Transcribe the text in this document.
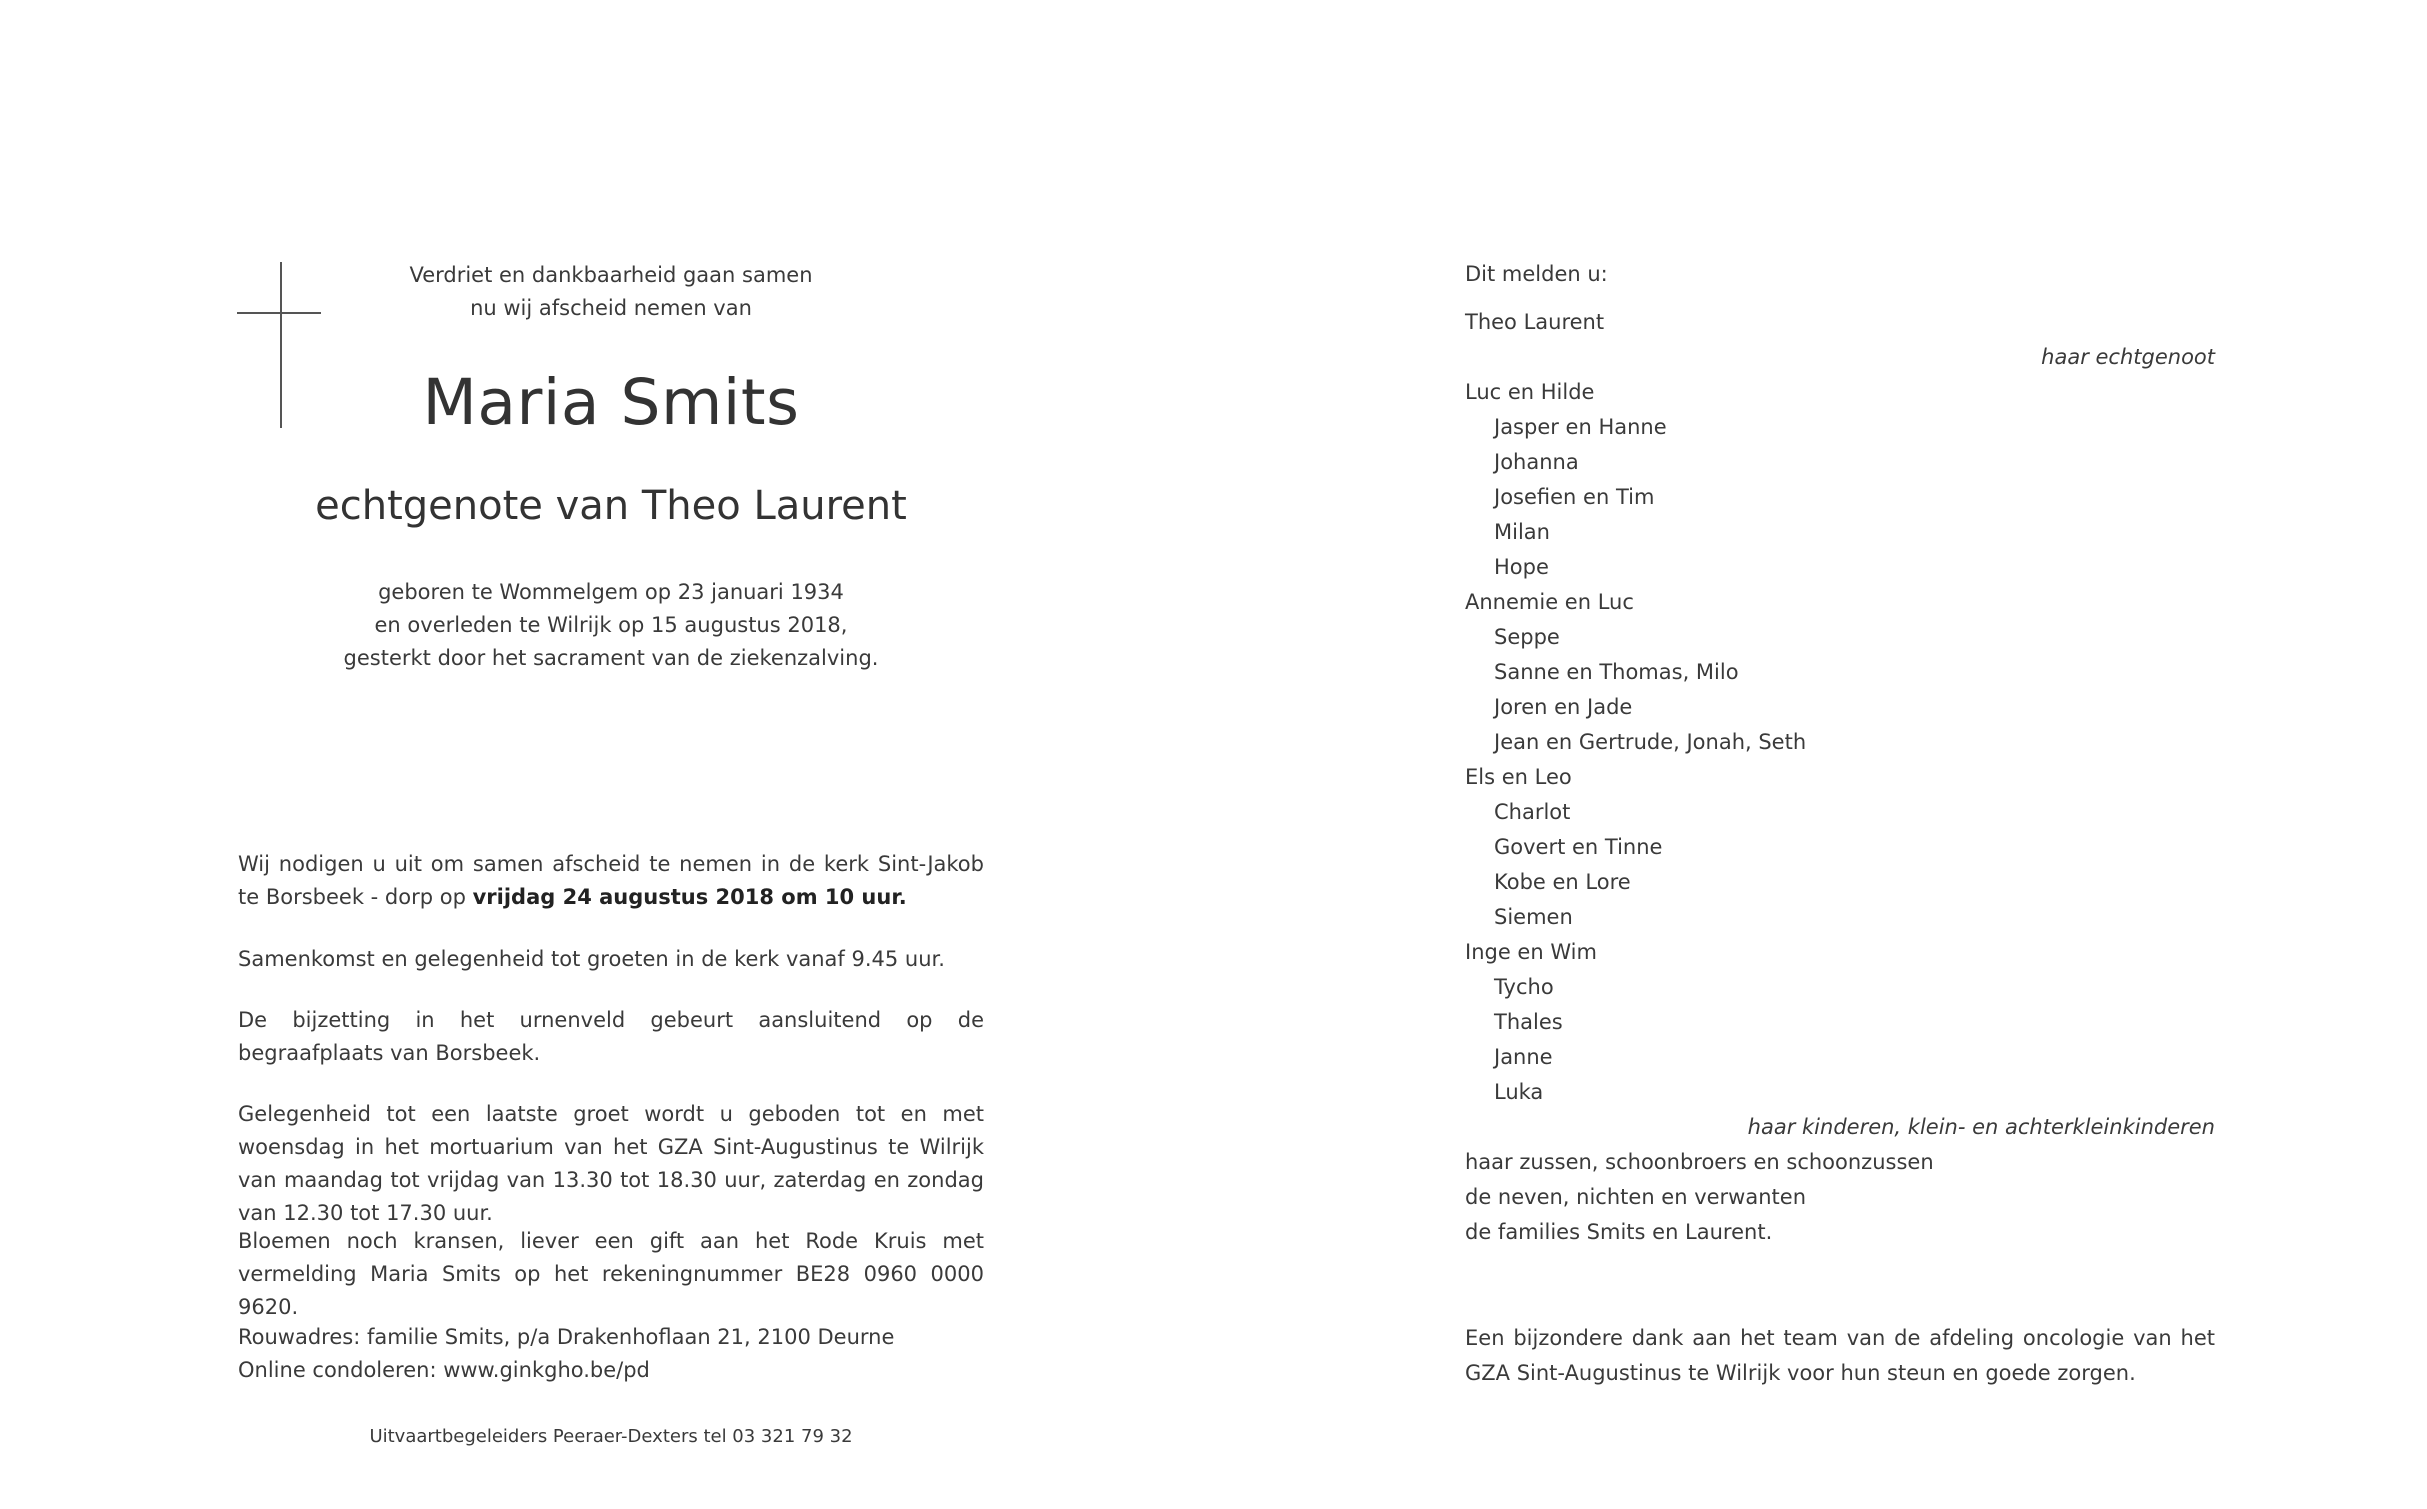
Verdriet en dankbaarheid gaan samen
nu wij afscheid nemen van
Maria Smits
echtgenote van Theo Laurent
geboren te Wommelgem op 23 januari 1934
en overleden te Wilrijk op 15 augustus 2018,
gesterkt door het sacrament van de ziekenzalving.

Wij nodigen u uit om samen afscheid te nemen in de kerk Sint-Jakob te Borsbeek - dorp op vrijdag 24 augustus 2018 om 10 uur.

Samenkomst en gelegenheid tot groeten in de kerk vanaf 9.45 uur.

De bijzetting in het urnenveld gebeurt aansluitend op de begraafplaats van Borsbeek.

Gelegenheid tot een laatste groet wordt u geboden tot en met woensdag in het mortuarium van het GZA Sint-Augustinus te Wilrijk van maandag tot vrijdag van 13.30 tot 18.30 uur, zaterdag en zondag van 12.30 tot 17.30 uur.

Bloemen noch kransen, liever een gift aan het Rode Kruis met vermelding Maria Smits op het rekeningnummer BE28 0960 0000 9620.

Rouwadres: familie Smits, p/a Drakenhoflaan 21, 2100 Deurne
Online condoleren: www.ginkgho.be/pd
Uitvaartbegeleiders Peeraer-Dexters tel 03 321 79 32
Dit melden u:
Theo Laurent
haar echtgenoot
Luc en Hilde
Jasper en Hanne
Johanna
Josefien en Tim
Milan
Hope
Annemie en Luc
Seppe
Sanne en Thomas, Milo
Joren en Jade
Jean en Gertrude, Jonah, Seth
Els en Leo
Charlot
Govert en Tinne
Kobe en Lore
Siemen
Inge en Wim
Tycho
Thales
Janne
Luka
haar kinderen, klein- en achterkleinkinderen
haar zussen, schoonbroers en schoonzussen
de neven, nichten en verwanten
de families Smits en Laurent.
Een bijzondere dank aan het team van de afdeling oncologie van het GZA Sint-Augustinus te Wilrijk voor hun steun en goede zorgen.
